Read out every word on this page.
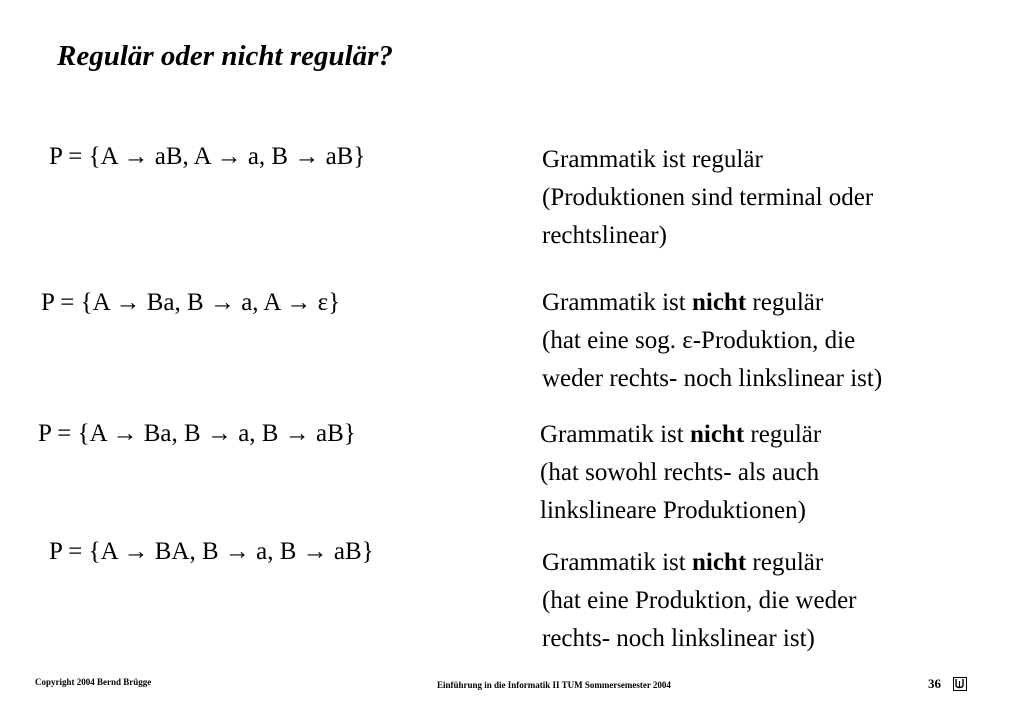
Regulär oder nicht regulär?
P = {A → aB, A → a, B → aB}	Grammatik ist regulär
(Produktionen sind terminal oder
rechtslinear)
P = {A → Ba, B → a, A → ε}	Grammatik ist nicht regulär
(hat eine sog. ε-Produktion, die
weder rechts- noch linkslinear ist)
P = {A → Ba, B → a, B → aB}	Grammatik ist nicht regulär
(hat sowohl rechts- als auch
linkslineare Produktionen)
P = {A → BA, B → a, B → aB}	Grammatik ist nicht regulär
(hat eine Produktion, die weder
rechts- noch linkslinear ist)
Copyright 2004 Bernd Brügge	Einführung in die Informatik II TUM Sommersemester 2004	36
